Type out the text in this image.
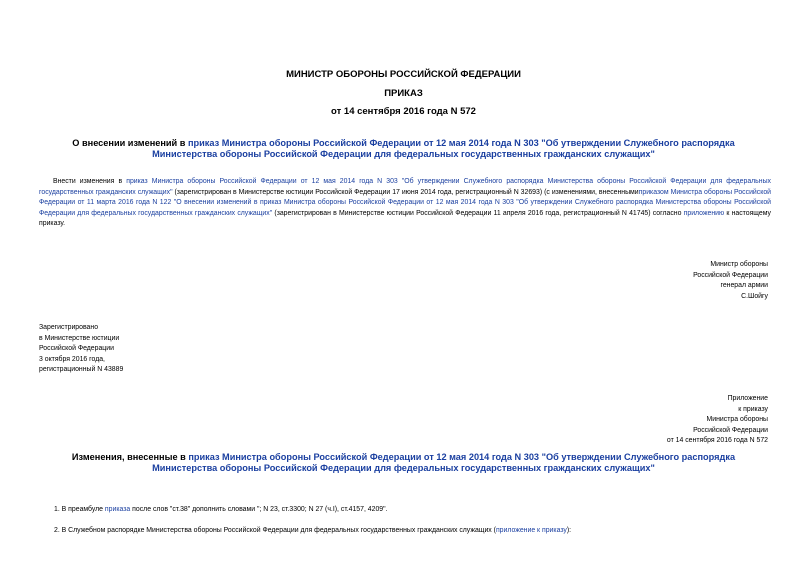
МИНИСТР ОБОРОНЫ РОССИЙСКОЙ ФЕДЕРАЦИИ
ПРИКАЗ
от 14 сентября 2016 года N 572
О внесении изменений в приказ Министра обороны Российской Федерации от 12 мая 2014 года N 303 "Об утверждении Служебного распорядка Министерства обороны Российской Федерации для федеральных государственных гражданских служащих"
Внести изменения в приказ Министра обороны Российской Федерации от 12 мая 2014 года N 303 "Об утверждении Служебного распорядка Министерства обороны Российской Федерации для федеральных государственных гражданских служащих" (зарегистрирован в Министерстве юстиции Российской Федерации 17 июня 2014 года, регистрационный N 32693) (с изменениями, внесеннымиприказом Министра обороны Российской Федерации от 11 марта 2016 года N 122 "О внесении изменений в приказ Министра обороны Российской Федерации от 12 мая 2014 года N 303 "Об утверждении Служебного распорядка Министерства обороны Российской Федерации для федеральных государственных гражданских служащих" (зарегистрирован в Министерстве юстиции Российской Федерации 11 апреля 2016 года, регистрационный N 41745) согласно приложению к настоящему приказу.
Министр обороны
Российской Федерации
генерал армии
С.Шойгу
Зарегистрировано
в Министерстве юстиции
Российской Федерации
3 октября 2016 года,
регистрационный N 43889
Приложение
к приказу
Министра обороны
Российской Федерации
от 14 сентября 2016 года N 572
Изменения, внесенные в приказ Министра обороны Российской Федерации от 12 мая 2014 года N 303 "Об утверждении Служебного распорядка Министерства обороны Российской Федерации для федеральных государственных гражданских служащих"
1. В преамбуле приказа после слов "ст.38" дополнить словами "; N 23, ст.3300; N 27 (ч.I), ст.4157, 4209".
2. В Служебном распорядке Министерства обороны Российской Федерации для федеральных государственных гражданских служащих (приложение к приказу):
